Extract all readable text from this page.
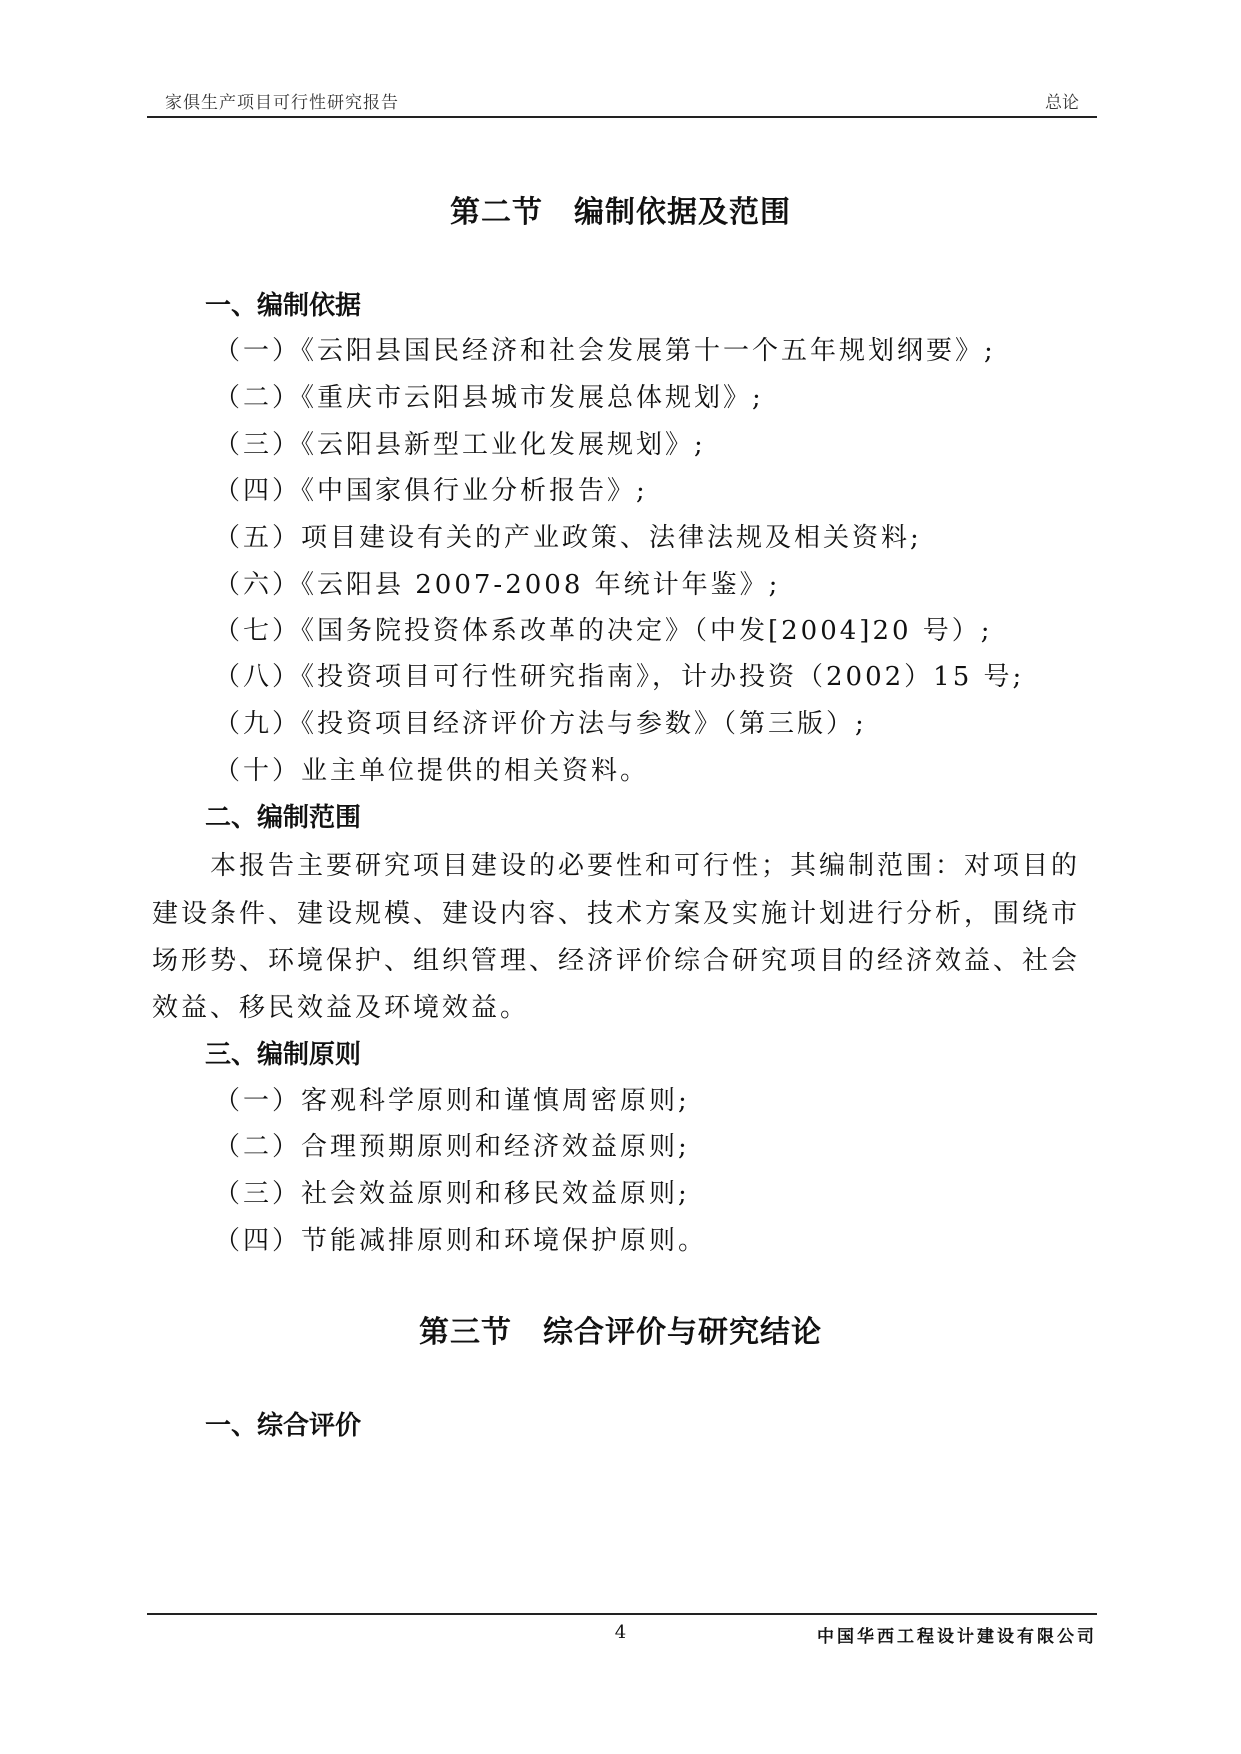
家俱生产项目可行性研究报告	总论
第二节　编制依据及范围
一、编制依据
（一）《云阳县国民经济和社会发展第十一个五年规划纲要》;
（二）《重庆市云阳县城市发展总体规划》;
（三）《云阳县新型工业化发展规划》;
（四）《中国家俱行业分析报告》;
（五）项目建设有关的产业政策、法律法规及相关资料;
（六）《云阳县 2007-2008 年统计年鉴》;
（七）《国务院投资体系改革的决定》（中发[2004]20 号）;
（八）《投资项目可行性研究指南》，计办投资（2002）15 号;
（九）《投资项目经济评价方法与参数》（第三版）;
（十）业主单位提供的相关资料。
二、编制范围
本报告主要研究项目建设的必要性和可行性；其编制范围：对项目的
建设条件、建设规模、建设内容、技术方案及实施计划进行分析，围绕市
场形势、环境保护、组织管理、经济评价综合研究项目的经济效益、社会
效益、移民效益及环境效益。
三、编制原则
（一）客观科学原则和谨慎周密原则;
（二）合理预期原则和经济效益原则;
（三）社会效益原则和移民效益原则;
（四）节能减排原则和环境保护原则。
第三节　综合评价与研究结论
一、综合评价
4	中国华西工程设计建设有限公司
